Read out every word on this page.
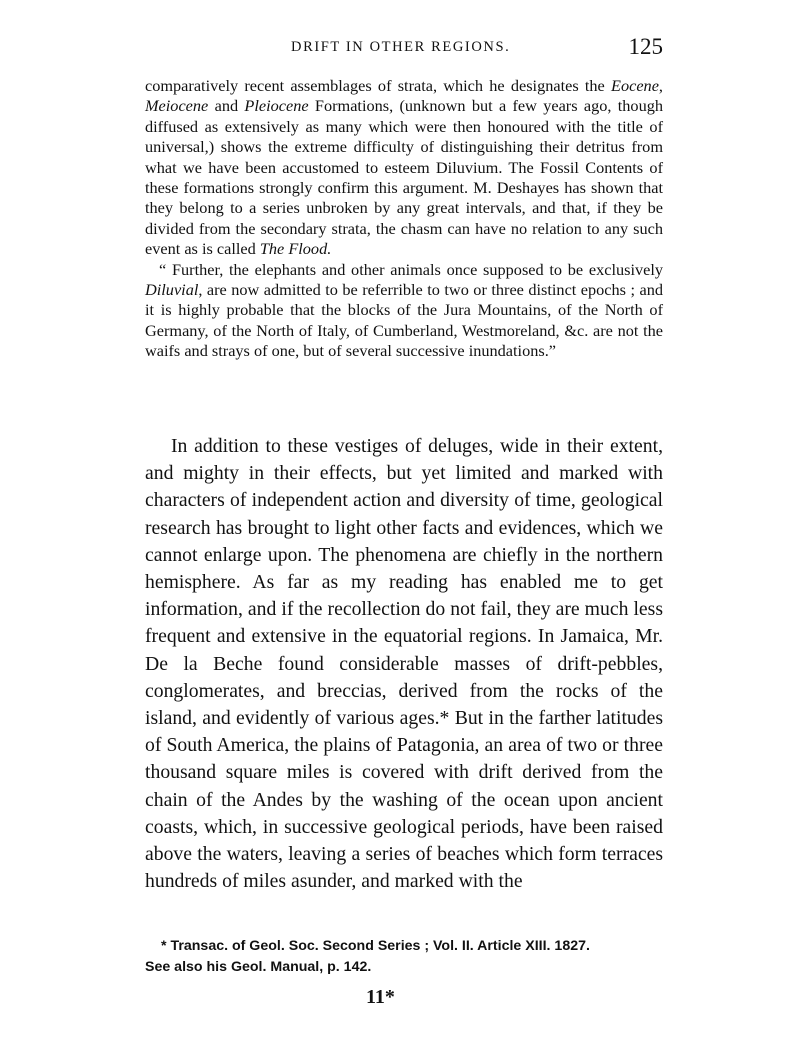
DRIFT IN OTHER REGIONS.	125

comparatively recent assemblages of strata, which he designates the Eocene, Meiocene and Pleiocene Formations, (unknown but a few years ago, though diffused as extensively as many which were then honoured with the title of universal,) shows the extreme difficulty of distinguishing their detritus from what we have been accustomed to esteem Diluvium. The Fossil Contents of these formations strongly confirm this argument. M. Deshayes has shown that they belong to a series unbroken by any great intervals, and that, if they be divided from the secondary strata, the chasm can have no relation to any such event as is called The Flood.

“ Further, the elephants and other animals once supposed to be exclusively Diluvial, are now admitted to be referrible to two or three distinct epochs ; and it is highly probable that the blocks of the Jura Mountains, of the North of Germany, of the North of Italy, of Cumberland, Westmoreland, &c. are not the waifs and strays of one, but of several successive inundations.”

In addition to these vestiges of deluges, wide in their extent, and mighty in their effects, but yet limited and marked with characters of independent action and diversity of time, geological research has brought to light other facts and evidences, which we cannot enlarge upon. The phenomena are chiefly in the northern hemisphere. As far as my reading has enabled me to get information, and if the recollection do not fail, they are much less frequent and extensive in the equatorial regions. In Jamaica, Mr. De la Beche found considerable masses of drift-pebbles, conglomerates, and breccias, derived from the rocks of the island, and evidently of various ages.* But in the farther latitudes of South America, the plains of Patagonia, an area of two or three thousand square miles is covered with drift derived from the chain of the Andes by the washing of the ocean upon ancient coasts, which, in successive geological periods, have been raised above the waters, leaving a series of beaches which form terraces hundreds of miles asunder, and marked with the

* Transac. of Geol. Soc. Second Series ; Vol. II. Article XIII. 1827.

See also his Geol. Manual, p. 142.

11*
